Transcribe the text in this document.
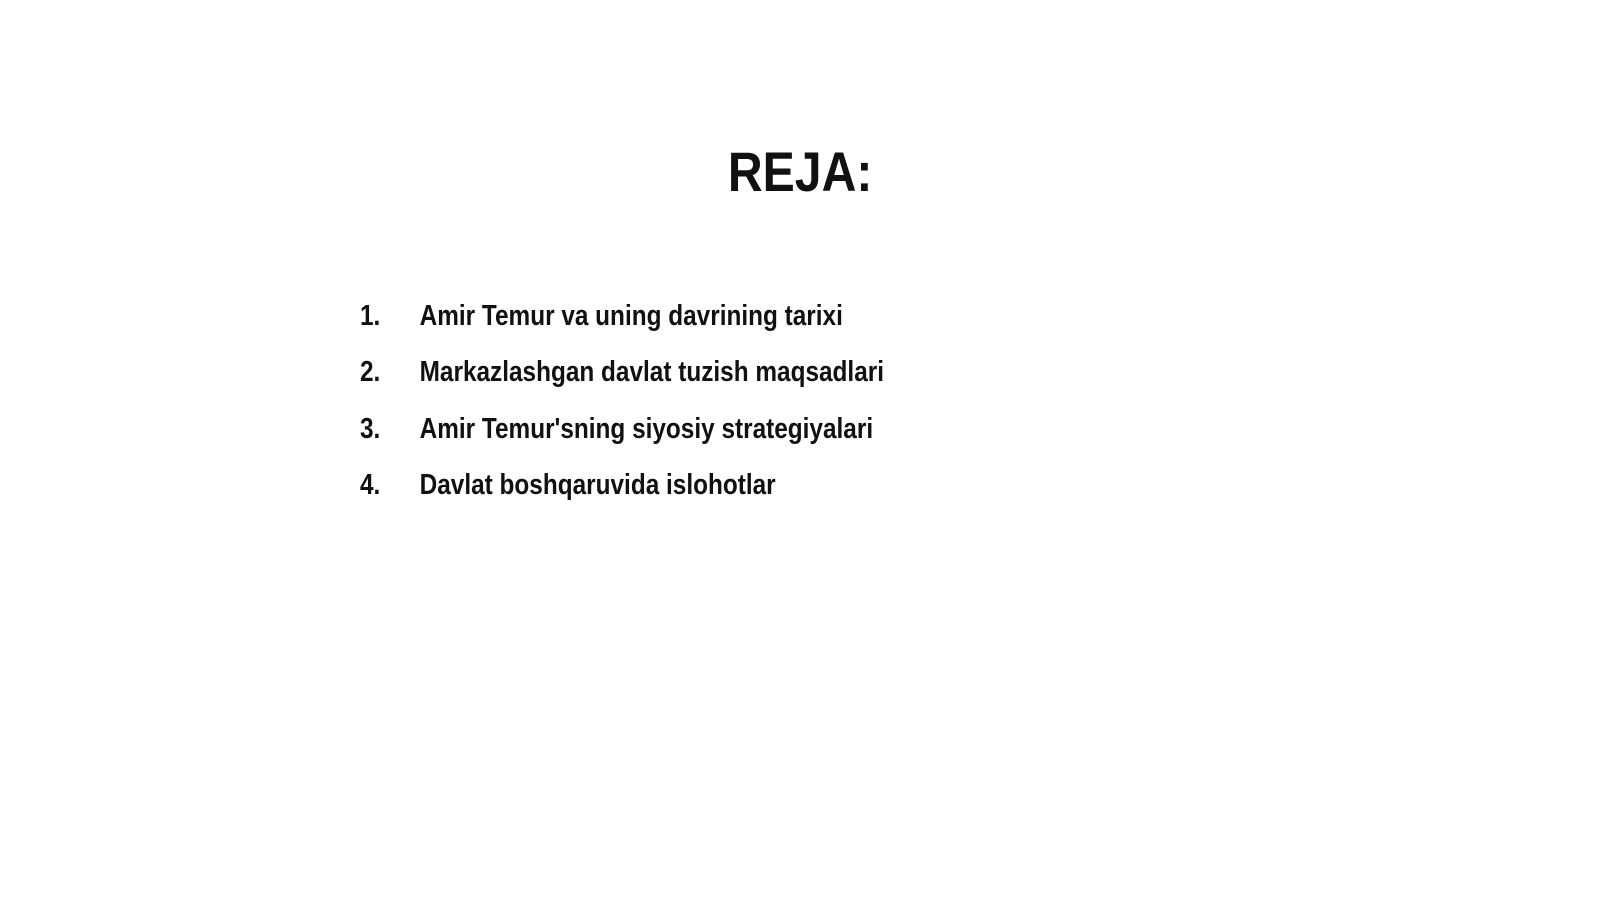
REJA:
1.	Amir Temur va uning davrining tarixi
2.	Markazlashgan davlat tuzish maqsadlari
3.	Amir Temur'sning siyosiy strategiyalari
4.	Davlat boshqaruvida islohotlar
